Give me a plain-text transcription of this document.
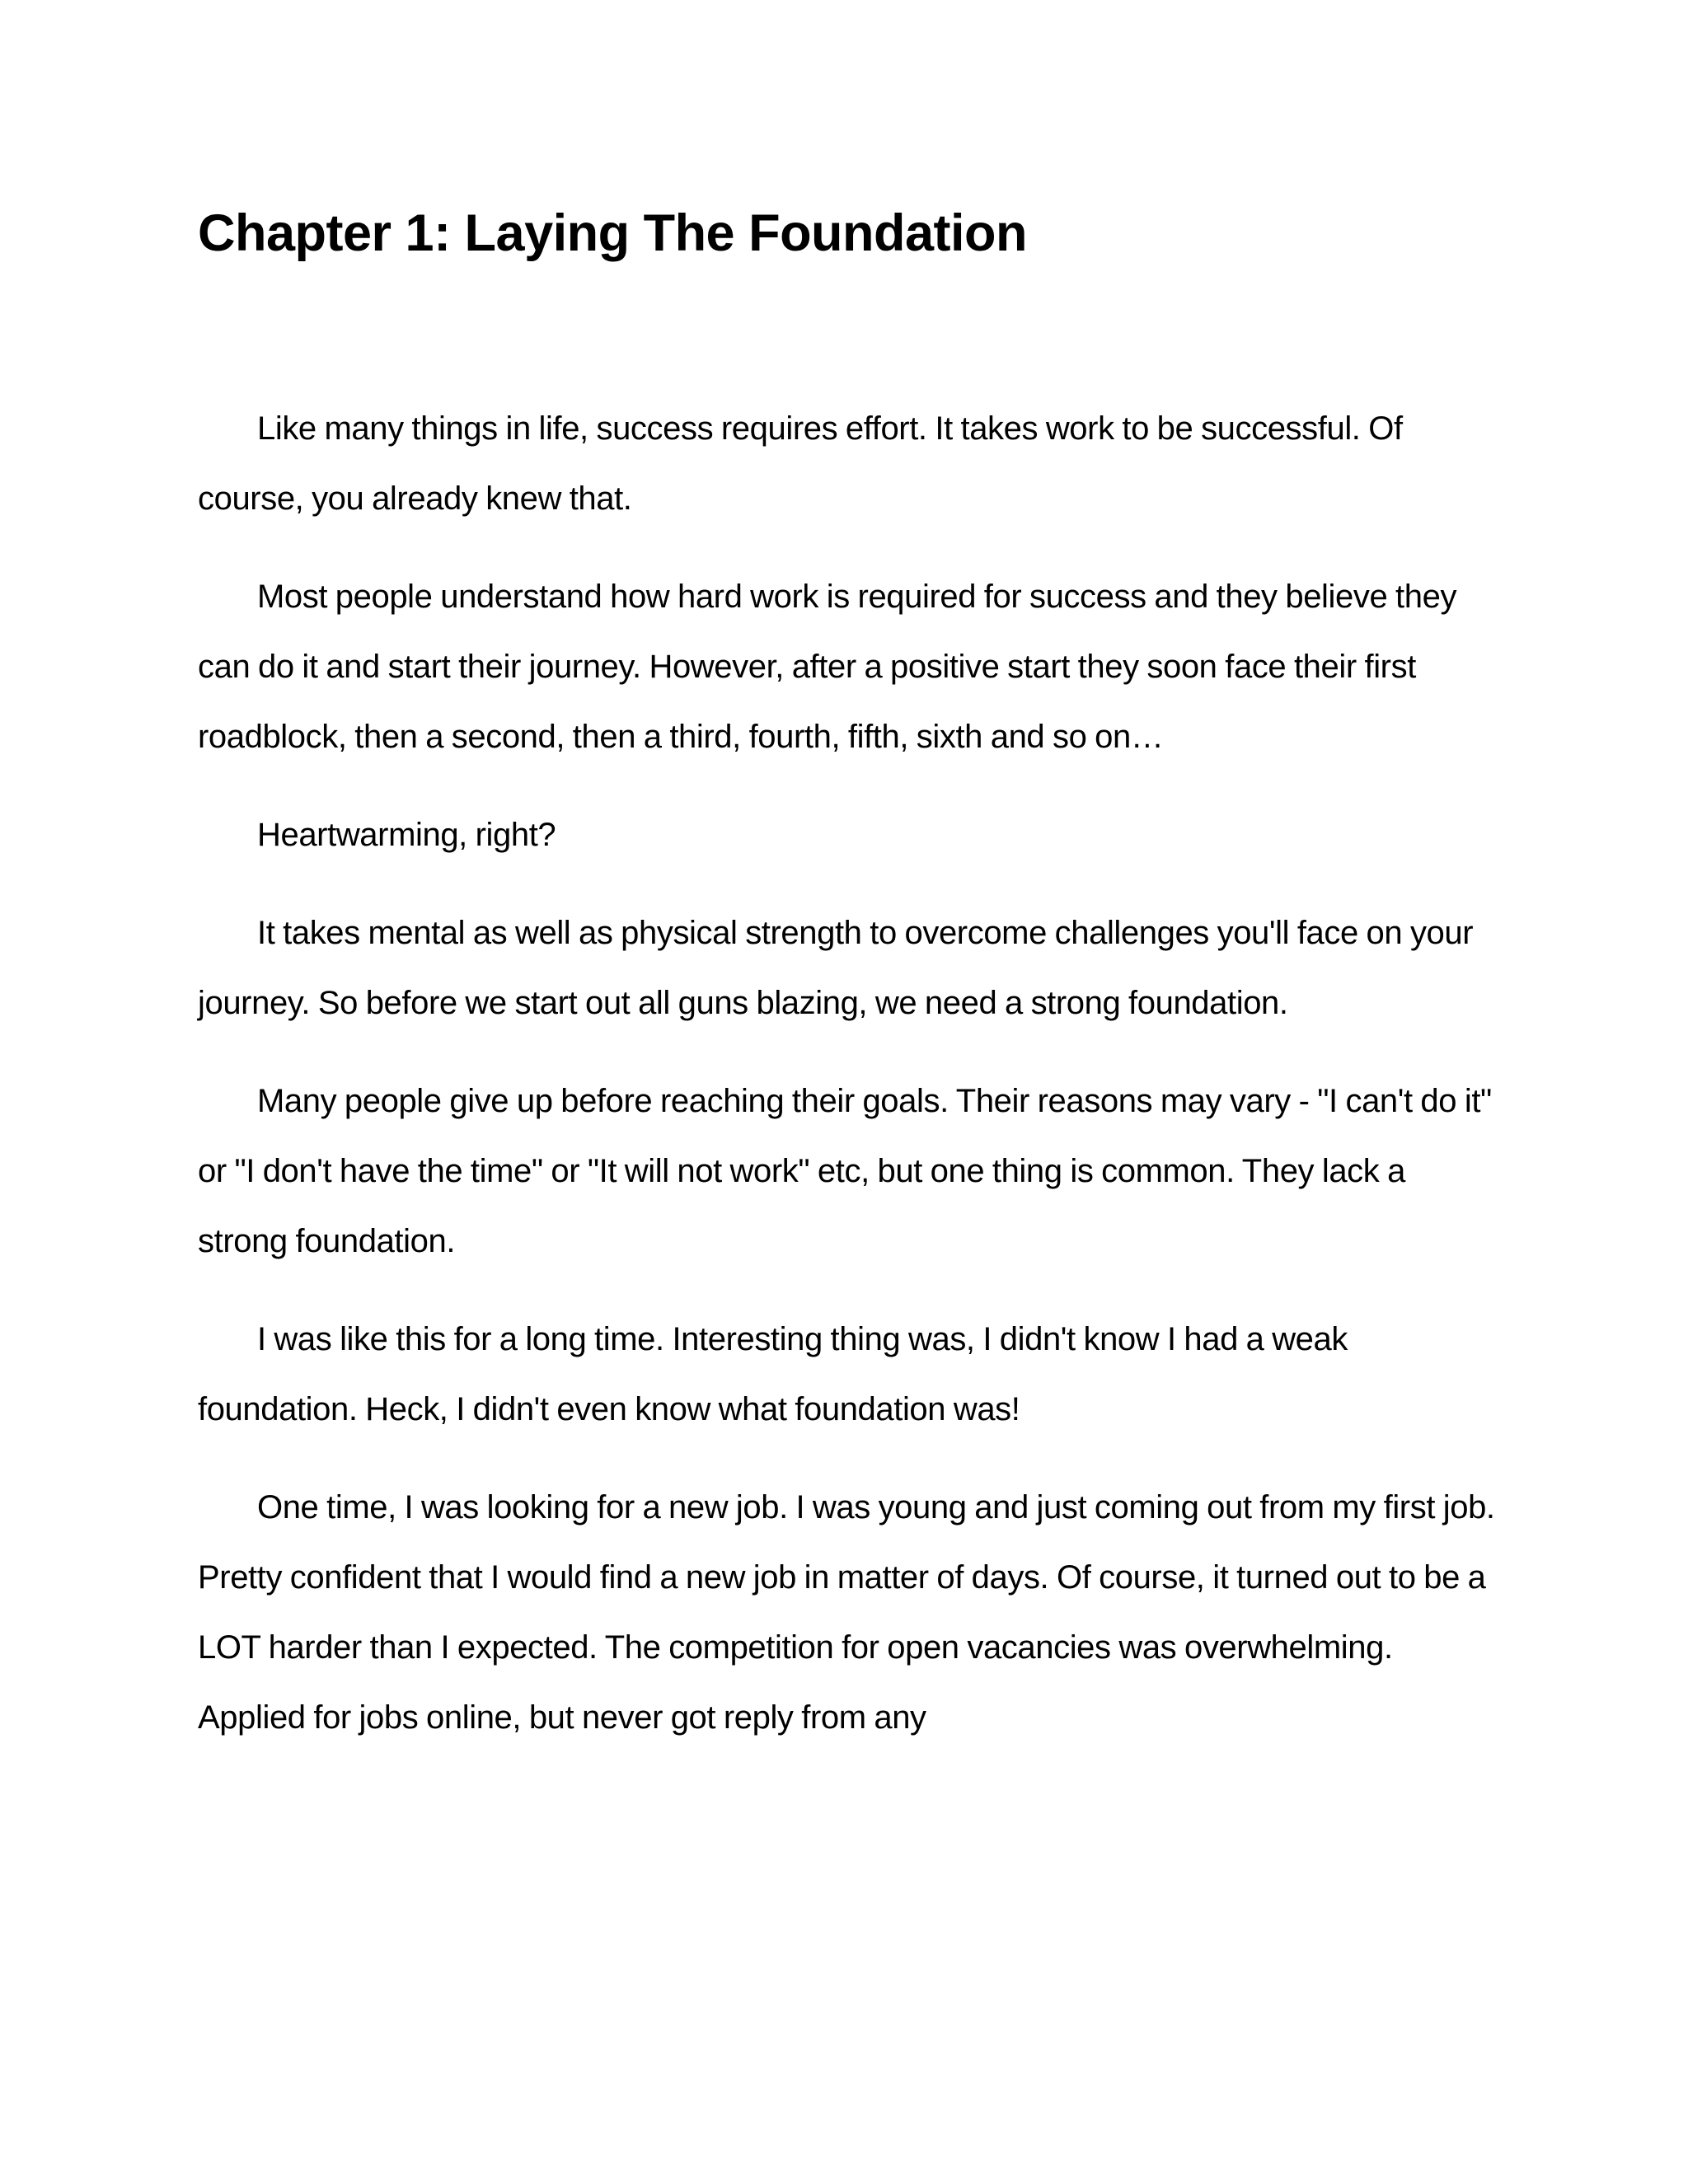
Chapter 1: Laying The Foundation

Like many things in life, success requires effort. It takes work to be successful. Of course, you already knew that.

Most people understand how hard work is required for success and they believe they can do it and start their journey. However, after a positive start they soon face their first roadblock, then a second, then a third, fourth, fifth, sixth and so on…

Heartwarming, right?

It takes mental as well as physical strength to overcome challenges you'll face on your journey. So before we start out all guns blazing, we need a strong foundation.

Many people give up before reaching their goals. Their reasons may vary - "I can't do it" or "I don't have the time" or "It will not work" etc, but one thing is common. They lack a strong foundation.

I was like this for a long time. Interesting thing was, I didn't know I had a weak foundation. Heck, I didn't even know what foundation was!

One time, I was looking for a new job. I was young and just coming out from my first job. Pretty confident that I would find a new job in matter of days. Of course, it turned out to be a LOT harder than I expected. The competition for open vacancies was overwhelming. Applied for jobs online, but never got reply from any
